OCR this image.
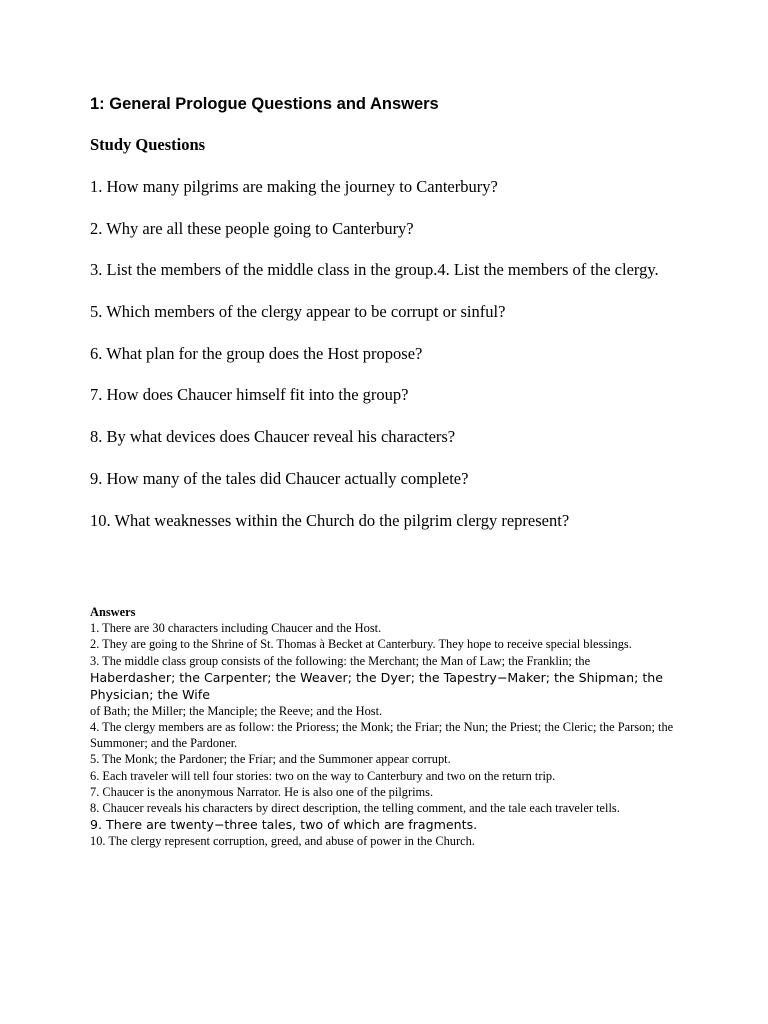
1: General Prologue Questions and Answers
Study Questions
1. How many pilgrims are making the journey to Canterbury?
2. Why are all these people going to Canterbury?
3. List the members of the middle class in the group.4. List the members of the clergy.
5. Which members of the clergy appear to be corrupt or sinful?
6. What plan for the group does the Host propose?
7. How does Chaucer himself fit into the group?
8. By what devices does Chaucer reveal his characters?
9. How many of the tales did Chaucer actually complete?
10. What weaknesses within the Church do the pilgrim clergy represent?

Answers

1. There are 30 characters including Chaucer and the Host.

2. They are going to the Shrine of St. Thomas à Becket at Canterbury. They hope to receive special blessings.

3. The middle class group consists of the following: the Merchant; the Man of Law; the Franklin; the
Haberdasher; the Carpenter; the Weaver; the Dyer; the Tapestry−Maker; the Shipman; the Physician; the Wife
of Bath; the Miller; the Manciple; the Reeve; and the Host.

4. The clergy members are as follow: the Prioress; the Monk; the Friar; the Nun; the Priest; the Cleric; the Parson; the Summoner; and the Pardoner.

5. The Monk; the Pardoner; the Friar; and the Summoner appear corrupt.

6. Each traveler will tell four stories: two on the way to Canterbury and two on the return trip.

7. Chaucer is the anonymous Narrator. He is also one of the pilgrims.

8. Chaucer reveals his characters by direct description, the telling comment, and the tale each traveler tells.

9. There are twenty−three tales, two of which are fragments.

10. The clergy represent corruption, greed, and abuse of power in the Church.
